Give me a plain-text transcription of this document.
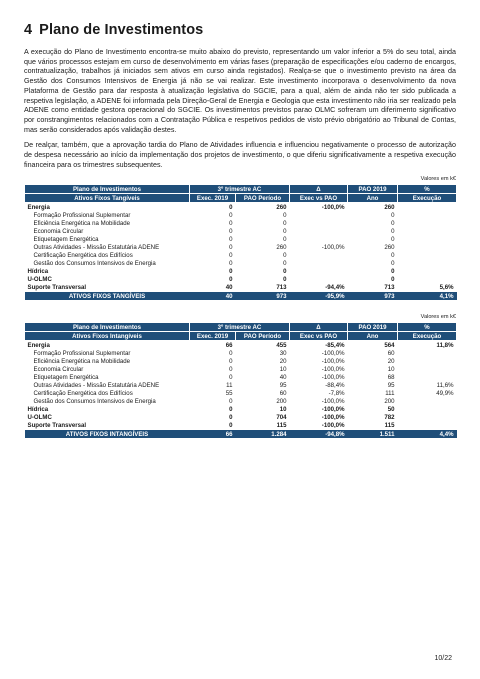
4 Plano de Investimentos

A execução do Plano de Investimento encontra-se muito abaixo do previsto, representando um valor inferior a 5% do seu total, ainda que vários processos estejam em curso de desenvolvimento em várias fases (preparação de especificações e/ou caderno de encargos, contratualização, trabalhos já iniciados sem ativos em curso ainda registados). Realça-se que o investimento previsto na área da Gestão dos Consumos Intensivos de Energia já não se vai realizar. Este investimento incorporava o desenvolvimento da nova Plataforma de Gestão para dar resposta à atualização legislativa do SGCIE, para a qual, além de ainda não ter sido publicada a respetiva legislação, a ADENE foi informada pela Direção-Geral de Energia e Geologia que esta investimento não iria ser realizado pela ADENE como entidade gestora operacional do SGCIE. Os investimentos previstos parao OLMC sofreram um diferimento significativo por constrangimentos relacionados com a Contratação Pública e respetivos pedidos de visto prévio obrigatório ao Tribunal de Contas, mas serão considerados após validação destes.

De realçar, também, que a aprovação tardia do Plano de Atividades influencia e influenciou negativamente o processo de autorização de despesa necessário ao início da implementação dos projetos de investimento, o que diferiu significativamente a respetiva execução financeira para os trimestres subsequentes.

Valores em k€
Plano de Investimentos	3º trimestre AC		Δ	PAO 2019	%
Ativos Fixos Tangíveis	Exec. 2019	PAO Período	Exec vs PAO	Ano	Execução
Energia	0	260	-100,0%	260	
Formação Profissional Suplementar	0	0		0	
Eficiência Energética na Mobilidade	0	0		0	
Economia Circular	0	0		0	
Etiquetagem Energética	0	0		0	
Outras Atividades - Missão Estatutária ADENE	0	260	-100,0%	260	
Certificação Energética dos Edifícios	0	0		0	
Gestão dos Consumos Intensivos de Energia	0	0		0	
Hídrica	0	0		0	
U-OLMC	0	0		0	
Suporte Transversal	40	713	-94,4%	713	5,6%
ATIVOS FIXOS TANGÍVEIS	40	973	-95,9%	973	4,1%
Valores em k€
Plano de Investimentos	3º trimestre AC		Δ	PAO 2019	%
Ativos Fixos Intangíveis	Exec. 2019	PAO Período	Exec vs PAO	Ano	Execução
Energia	66	455	-85,4%	564	11,8%
Formação Profissional Suplementar	0	30	-100,0%	60	
Eficiência Energética na Mobilidade	0	20	-100,0%	20	
Economia Circular	0	10	-100,0%	10	
Etiquetagem Energética	0	40	-100,0%	68	
Outras Atividades - Missão Estatutária ADENE	11	95	-88,4%	95	11,6%
Certificação Energética dos Edifícios	55	60	-7,8%	111	49,9%
Gestão dos Consumos Intensivos de Energia	0	200	-100,0%	200	
Hídrica	0	10	-100,0%	50	
U-OLMC	0	704	-100,0%	782	
Suporte Transversal	0	115	-100,0%	115	
ATIVOS FIXOS INTANGÍVEIS	66	1.284	-94,8%	1.511	4,4%
10/22
